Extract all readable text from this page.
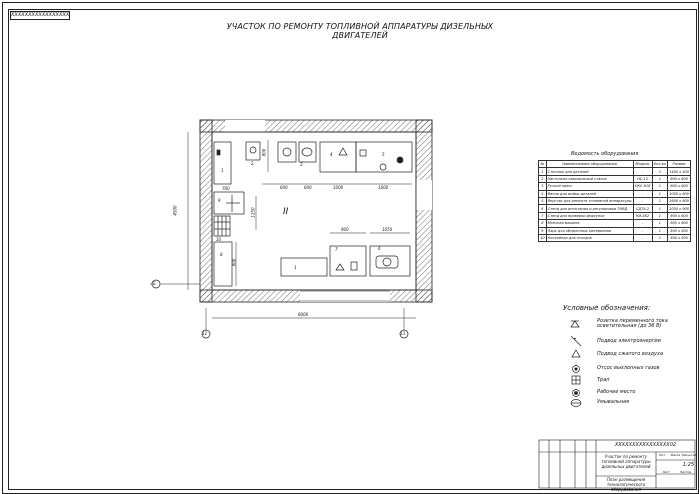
XXXXXXXXXXXXXXXXX
УЧАСТОК ПО РЕМОНТУ ТОПЛИВНОЙ АППАРАТУРЫ ДИЗЕЛЬНЫХ ДВИГАТЕЛЕЙ
II
Б
12	13
6000
4500
800
600	600	1000	1600
700
1250
900	1050
900
1
2	3
4	5
6
7
8
9
10
1
Ведомость оборудования
№	Наименование оборудования	Модель	Кол-во	Размер
1	Стеллаж для деталей	-	2	1400 х 500
2	Настольно-сверлильный станок	НС-12	1	800 х 600
3	Ручной пресс	ОКС-918	1	800 х 600
4	Ванна для мойки деталей	-	1	1000 х 600
5	Верстак для ремонта топливной аппаратуры	-	1	1600 х 800
6	Стенд для испытания и регулировки ТНВД	СДТА-2	1	1050 х 900
7	Стенд для проверки форсунок	КИ-562	1	900 х 600
8	Моечная машина	-	1	900 х 800
9	Ларь для обтирочных материалов	-	1	500 х 500
10	Контейнер для отходов	-	1	500 х 500
Условные обозначения:
Розетка переменного тока осветительная (до 36 В)
Подвод электроэнергии
Подвод сжатого воздуха
Отсос выхлопных газов
Трап
Рабочее место
Умывальник
XXXXXXXXXXXXXXXX02
Участок по ремонту топливной аппаратуры дизельных двигателей
План размещения технологического оборудования
Лит.	Масса Масштаб
1:25
Лист	Листов
